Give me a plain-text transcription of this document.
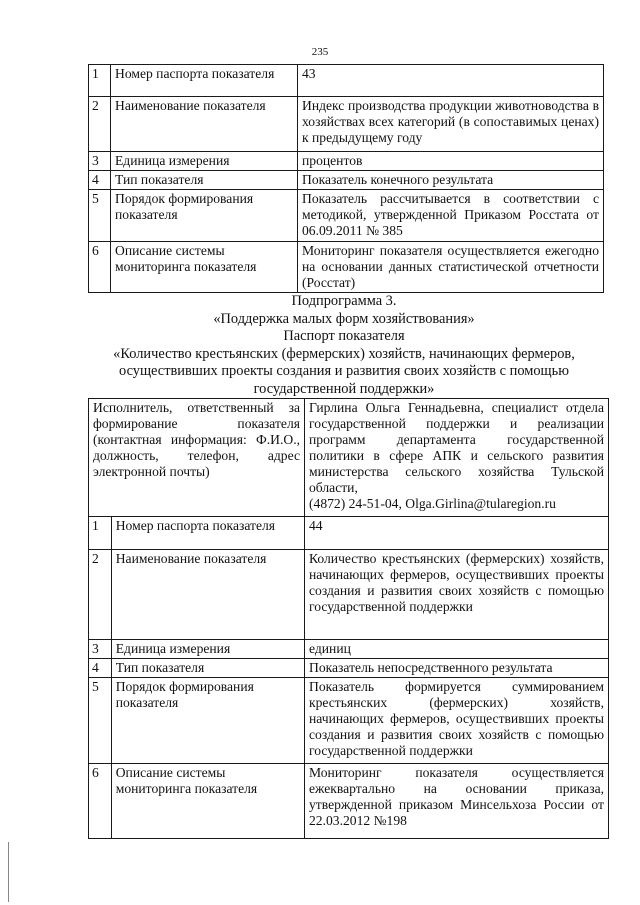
235
1	Номер паспорта показателя	43
2	Наименование показателя	Индекс производства продукции животноводства в хозяйствах всех категорий (в сопоставимых ценах) к предыдущему году
3	Единица измерения	процентов
4	Тип показателя	Показатель конечного результата
5	Порядок формирования показателя	Показатель рассчитывается в соответствии с методикой, утвержденной Приказом Росстата от 06.09.2011 № 385
6	Описание системы мониторинга показателя	Мониторинг показателя осуществляется ежегодно на основании данных статистической отчетности (Росстат)
Подпрограмма 3.
«Поддержка малых форм хозяйствования»
Паспорт показателя
«Количество крестьянских (фермерских) хозяйств, начинающих фермеров, осуществивших проекты создания и развития своих хозяйств с помощью государственной поддержки»
Исполнитель, ответственный за формирование показателя (контактная информация: Ф.И.О., должность, телефон, адрес электронной почты)		Гирлина Ольга Геннадьевна, специалист отдела государственной поддержки и реализации программ департамента государственной политики в сфере АПК и сельского развития министерства сельского хозяйства Тульской области,
(4872) 24-51-04, Olga.Girlina@tularegion.ru
1	Номер паспорта показателя	44
2	Наименование показателя	Количество крестьянских (фермерских) хозяйств, начинающих фермеров, осуществивших проекты создания и развития своих хозяйств с помощью государственной поддержки
3	Единица измерения	единиц
4	Тип показателя	Показатель непосредственного результата
5	Порядок формирования показателя	Показатель формируется суммированием крестьянских (фермерских) хозяйств, начинающих фермеров, осуществивших проекты создания и развития своих хозяйств с помощью государственной поддержки
6	Описание системы мониторинга показателя	Мониторинг показателя осуществляется ежеквартально на основании приказа, утвержденной приказом Минсельхоза России от 22.03.2012 №198
